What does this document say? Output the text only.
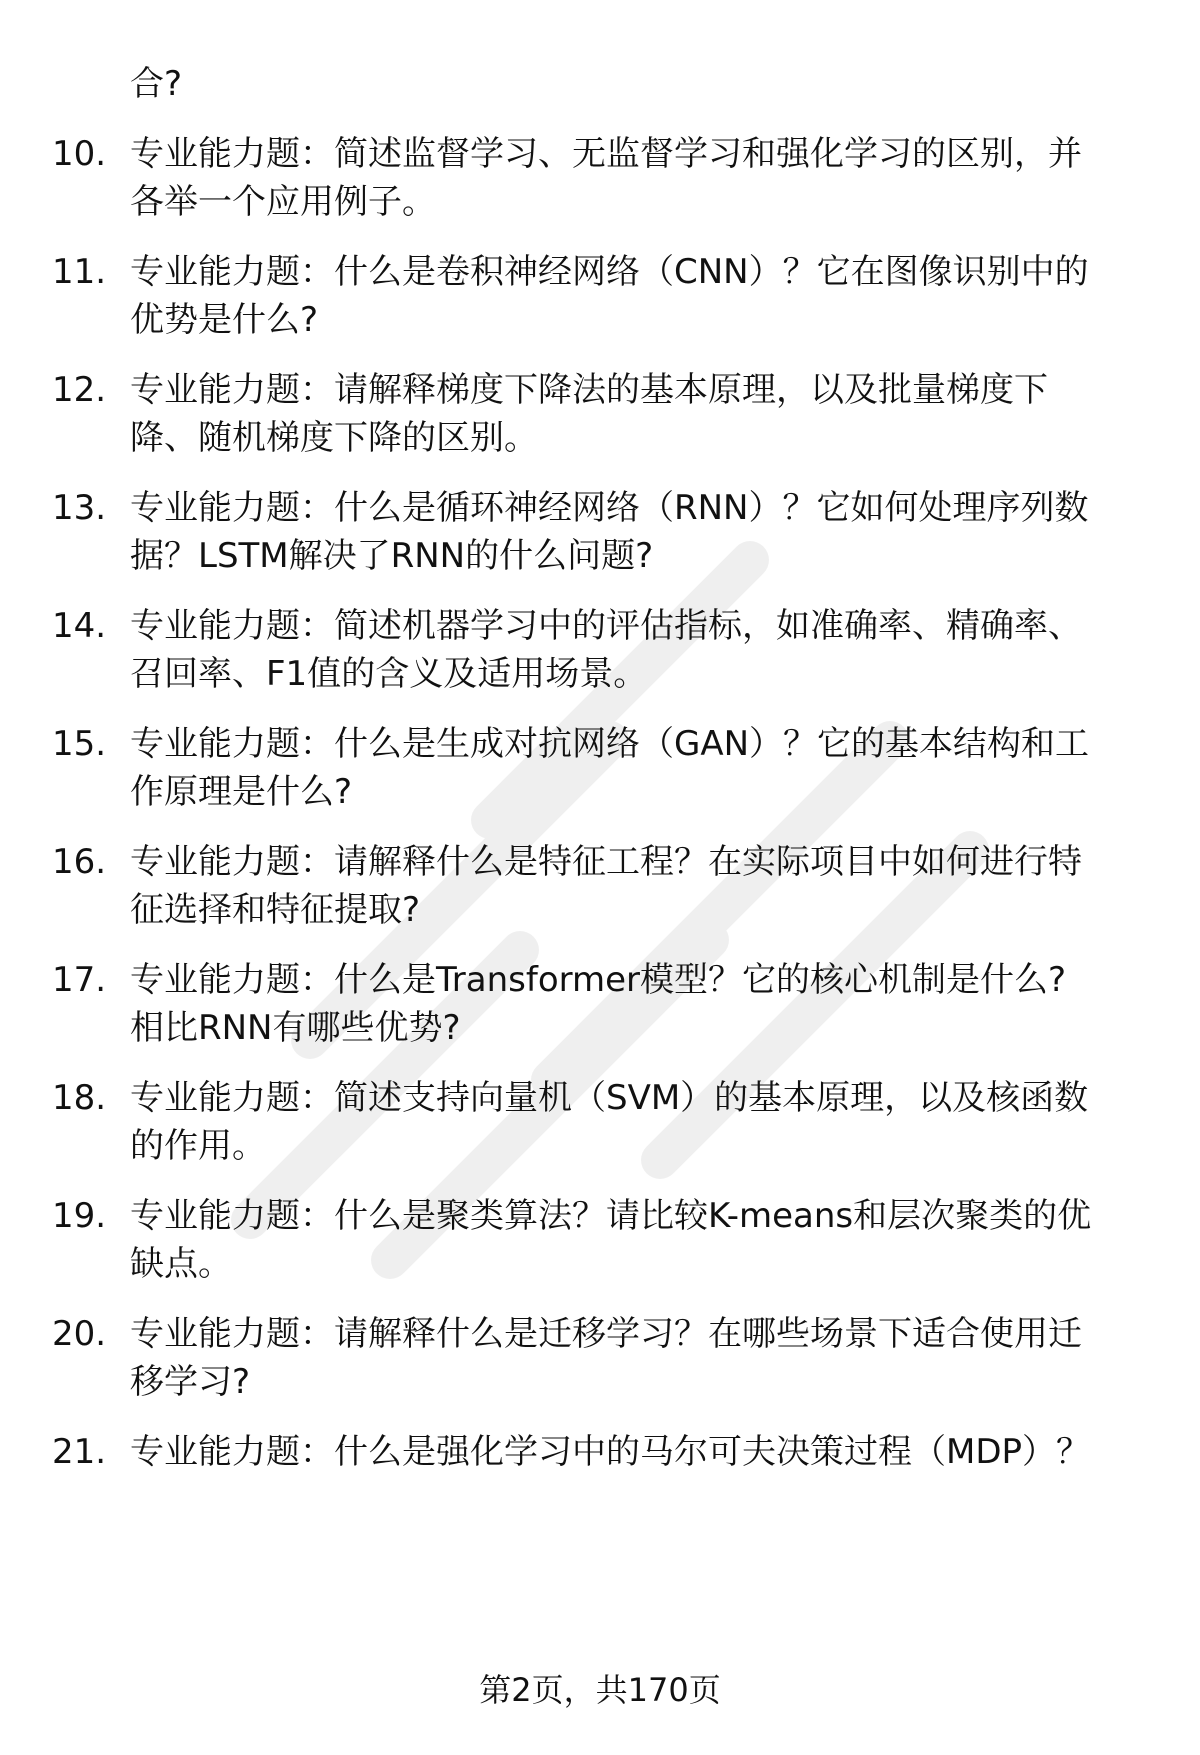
合?
10. 专业能力题：简述监督学习、无监督学习和强化学习的区别，并
各举一个应用例子。
11. 专业能力题：什么是卷积神经网络（CNN）？它在图像识别中的
优势是什么?
12. 专业能力题：请解释梯度下降法的基本原理，以及批量梯度下
降、随机梯度下降的区别。
13. 专业能力题：什么是循环神经网络（RNN）？它如何处理序列数
据？LSTM解决了RNN的什么问题?
14. 专业能力题：简述机器学习中的评估指标，如准确率、精确率、
召回率、F1值的含义及适用场景。
15. 专业能力题：什么是生成对抗网络（GAN）？它的基本结构和工
作原理是什么?
16. 专业能力题：请解释什么是特征工程？在实际项目中如何进行特
征选择和特征提取?
17. 专业能力题：什么是Transformer模型？它的核心机制是什么?
相比RNN有哪些优势?
18. 专业能力题：简述支持向量机（SVM）的基本原理，以及核函数
的作用。
19. 专业能力题：什么是聚类算法？请比较K-means和层次聚类的优
缺点。
20. 专业能力题：请解释什么是迁移学习？在哪些场景下适合使用迁
移学习?
21. 专业能力题：什么是强化学习中的马尔可夫决策过程（MDP）？
第2页，共170页
